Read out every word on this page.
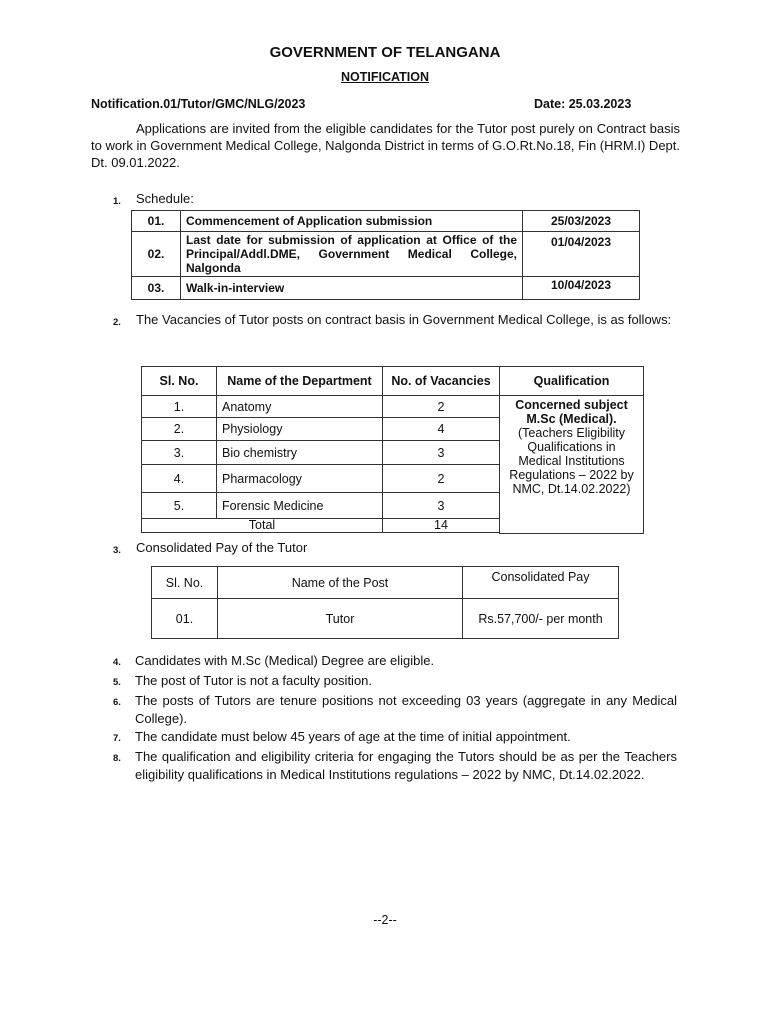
GOVERNMENT OF TELANGANA
NOTIFICATION
Notification.01/Tutor/GMC/NLG/2023	Date: 25.03.2023
Applications are invited from the eligible candidates for the Tutor post purely on Contract basis to work in Government Medical College, Nalgonda District in terms of G.O.Rt.No.18, Fin (HRM.I) Dept. Dt. 09.01.2022.
1. Schedule:
01.	Commencement of Application submission	25/03/2023
02.	Last date for submission of application at Office of the Principal/Addl.DME, Government Medical College, Nalgonda	01/04/2023
03.	Walk-in-interview	10/04/2023
2. The Vacancies of Tutor posts on contract basis in Government Medical College, is as follows:
Sl. No.	Name of the Department	No. of Vacancies	Qualification
1.	Anatomy	2	Concerned subject M.Sc (Medical).
(Teachers Eligibility Qualifications in Medical Institutions Regulations – 2022 by NMC, Dt.14.02.2022)

2.	Physiology	4	
3.	Bio chemistry	3	
4.	Pharmacology	2	
5.	Forensic Medicine	3	
Total		14	

3. Consolidated Pay of the Tutor
Sl. No.	Name of the Post	Consolidated Pay
01.	Tutor	Rs.57,700/- per month
4.	Candidates with M.Sc (Medical) Degree are eligible.
5.	The post of Tutor is not a faculty position.
6.	The posts of Tutors are tenure positions not exceeding 03 years (aggregate in any Medical College).
7.	The candidate must below 45 years of age at the time of initial appointment.
8.	The qualification and eligibility criteria for engaging the Tutors should be as per the Teachers eligibility qualifications in Medical Institutions regulations – 2022 by NMC, Dt.14.02.2022.
--2--
